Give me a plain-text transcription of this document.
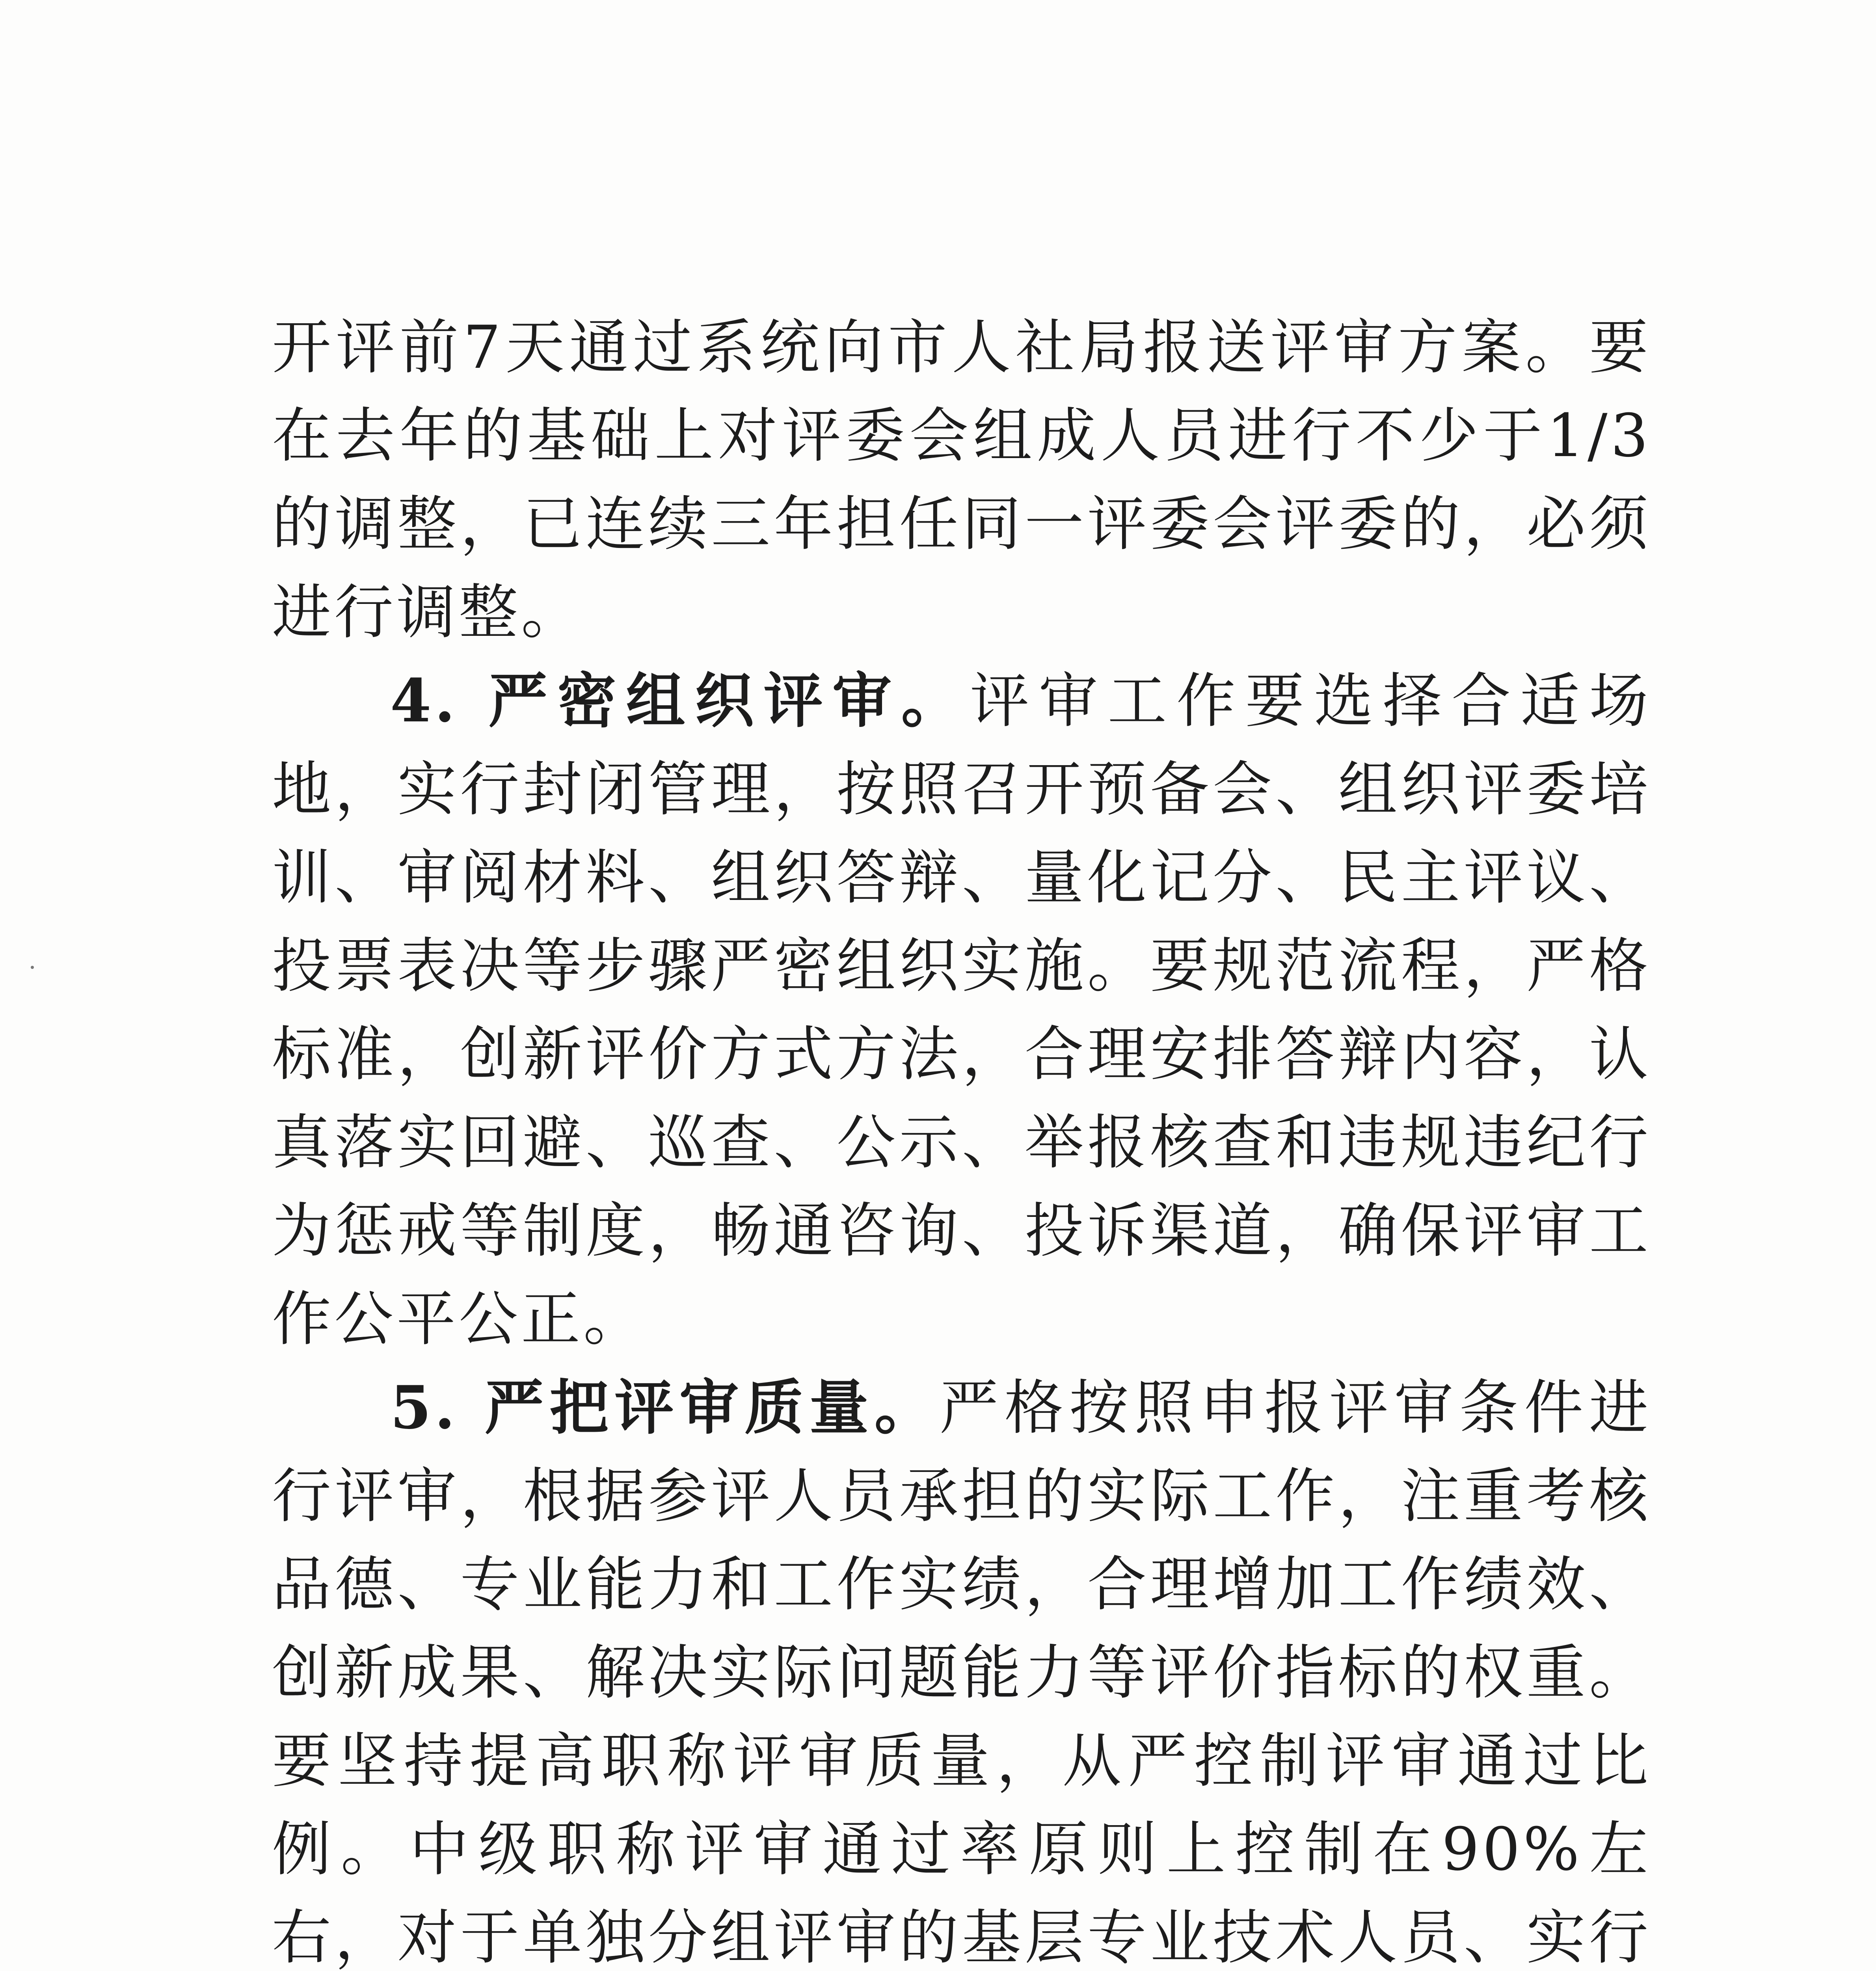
开评前7天通过系统向市人社局报送评审方案。要在去年的基础上对评委会组成人员进行不少于1/3的调整，已连续三年担任同一评委会评委的，必须进行调整。

4. 严密组织评审。评审工作要选择合适场地，实行封闭管理，按照召开预备会、组织评委培训、审阅材料、组织答辩、量化记分、民主评议、投票表决等步骤严密组织实施。要规范流程，严格标准，创新评价方式方法，合理安排答辩内容，认真落实回避、巡查、公示、举报核查和违规违纪行为惩戒等制度，畅通咨询、投诉渠道，确保评审工作公平公正。

5. 严把评审质量。严格按照申报评审条件进行评审，根据参评人员承担的实际工作，注重考核品德、专业能力和工作实绩，合理增加工作绩效、创新成果、解决实际问题能力等评价指标的权重。要坚持提高职称评审质量，从严控制评审通过比例。中级职称评审通过率原则上控制在90%左右，对于单独分组评审的基层专业技术人员、实行
